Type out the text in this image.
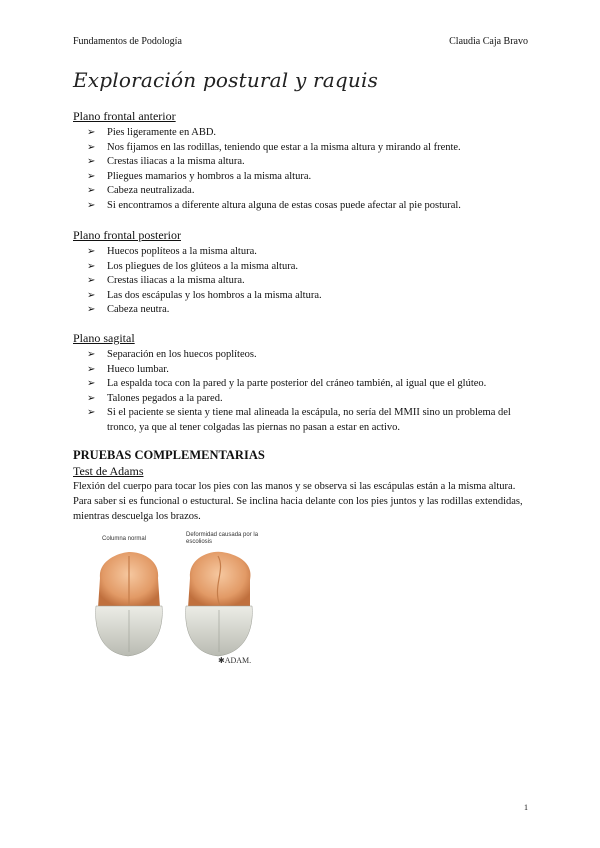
Fundamentos de Podología	Claudia Caja Bravo
Exploración postural y raquis
Plano frontal anterior
➢ Pies ligeramente en ABD.
➢ Nos fijamos en las rodillas, teniendo que estar a la misma altura y mirando al frente.
➢ Crestas iliacas a la misma altura.
➢ Pliegues mamarios y hombros a la misma altura.
➢ Cabeza neutralizada.
➢ Si encontramos a diferente altura alguna de estas cosas puede afectar al pie postural.
Plano frontal posterior
➢ Huecos poplíteos a la misma altura.
➢ Los pliegues de los glúteos a la misma altura.
➢ Crestas iliacas a la misma altura.
➢ Las dos escápulas y los hombros a la misma altura.
➢ Cabeza neutra.
Plano sagital
➢ Separación en los huecos poplíteos.
➢ Hueco lumbar.
➢ La espalda toca con la pared y la parte posterior del cráneo también, al igual que el glúteo.
➢ Talones pegados a la pared.
➢ Si el paciente se sienta y tiene mal alineada la escápula, no sería del MMII sino un problema del tronco, ya que al tener colgadas las piernas no pasan a estar en activo.
PRUEBAS COMPLEMENTARIAS
Test de Adams
Flexión del cuerpo para tocar los pies con las manos y se observa si las escápulas están a la misma altura. Para saber si es funcional o estuctural. Se inclina hacia delante con los pies juntos y las rodillas extendidas, mientras descuelga los brazos.
Columna normal
Deformidad causada por la escoliosis
✱ADAM.
1
